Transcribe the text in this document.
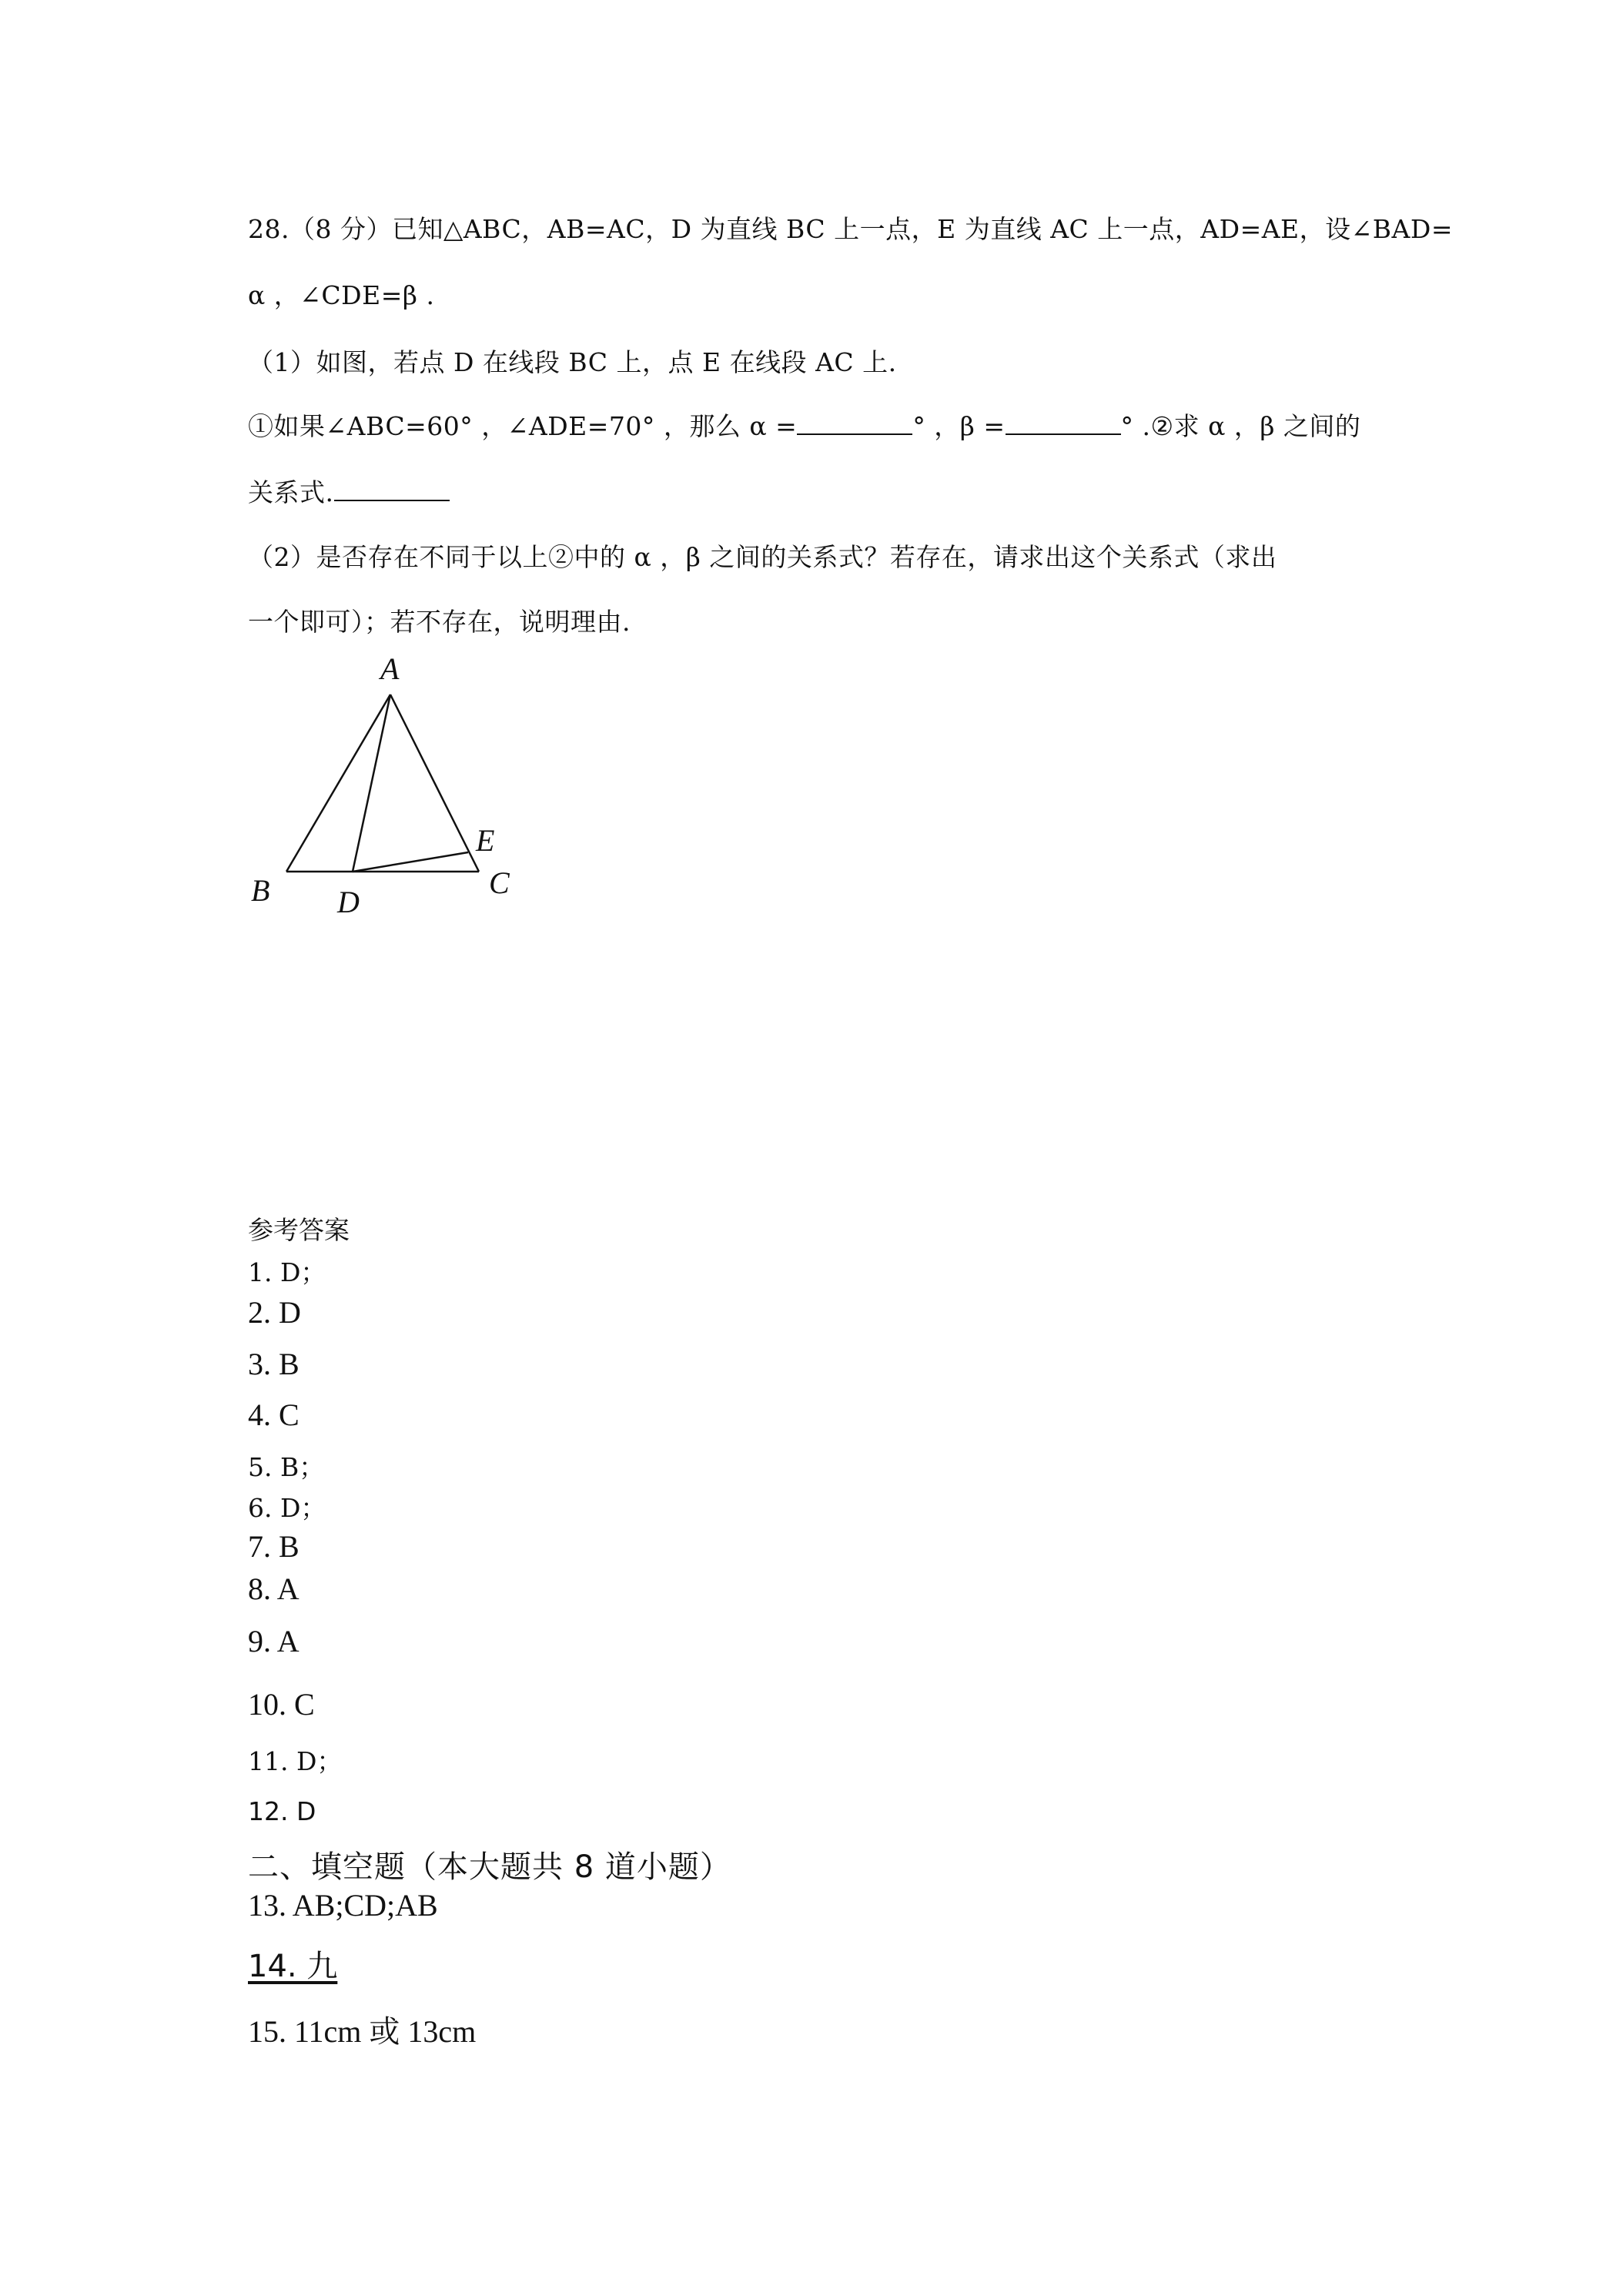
28.（8 分）已知△ABC，AB=AC，D 为直线 BC 上一点，E 为直线 AC 上一点，AD=AE，设∠BAD=
α ，∠CDE=β .
（1）如图，若点 D 在线段 BC 上，点 E 在线段 AC 上.
①如果∠ABC=60° ，∠ADE=70° ，那么 α =	° ，β =	° .②求 α ，β 之间的
关系式.
（2）是否存在不同于以上②中的 α ，β 之间的关系式？若存在，请求出这个关系式（求出
一个即可）；若不存在，说明理由.
A
B	C
D
E
参考答案
1. D；
2. D
3. B
4. C
5. B；
6. D；
7. B
8. A
9. A
10. C
11. D；
12. D
二、填空题（本大题共 8 道小题）
13. AB;CD;AB
14. 九
15. 11cm 或 13cm
